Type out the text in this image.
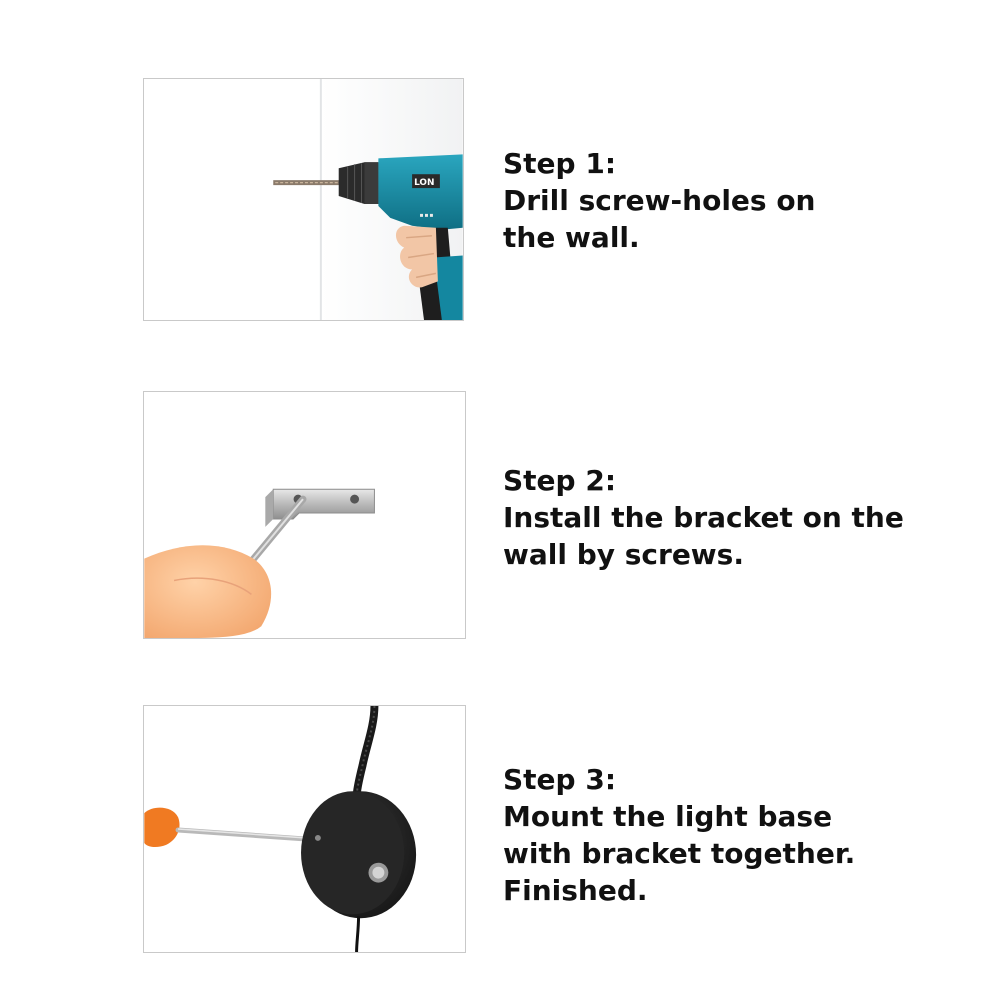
LON
Step 1:
Drill screw-holes on
the wall.
Step 2:
Install the bracket on the
wall by screws.
Step 3:
Mount the light base
with bracket together.
Finished.
